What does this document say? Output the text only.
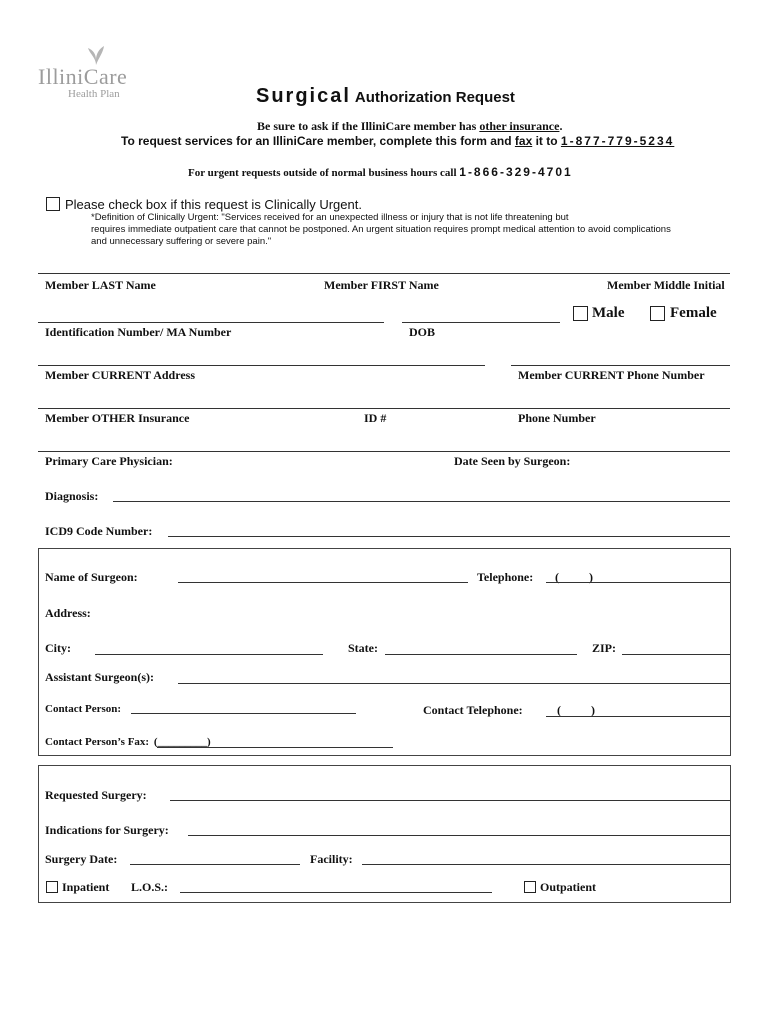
IlliniCare
Health Plan	Surgical Authorization Request
Be sure to ask if the IlliniCare member has other insurance.
To request services for an IlliniCare member, complete this form and fax it to 1-877-779-5234
For urgent requests outside of normal business hours call 1-866-329-4701
Please check box if this request is Clinically Urgent.
*Definition of Clinically Urgent: "Services received for an unexpected illness or injury that is not life threatening but
requires immediate outpatient care that cannot be postponed. An urgent situation requires prompt medical attention to avoid complications
and unnecessary suffering or severe pain."
Member LAST Name	Member FIRST Name	Member Middle Initial
Male	Female
Identification Number/ MA Number	DOB
Member CURRENT Address	Member CURRENT Phone Number
Member OTHER Insurance	ID #	Phone Number
Primary Care Physician:	Date Seen by Surgeon:
Diagnosis:
ICD9 Code Number:
Name of Surgeon:	Telephone: (          )
Address:
City:	State:	ZIP:
Assistant Surgeon(s):
Contact Person:	Contact Telephone:	(          )
Contact Person’s Fax: (_________)
Requested Surgery:
Indications for Surgery:
Surgery Date:	Facility:
Inpatient L.O.S.:	Outpatient
